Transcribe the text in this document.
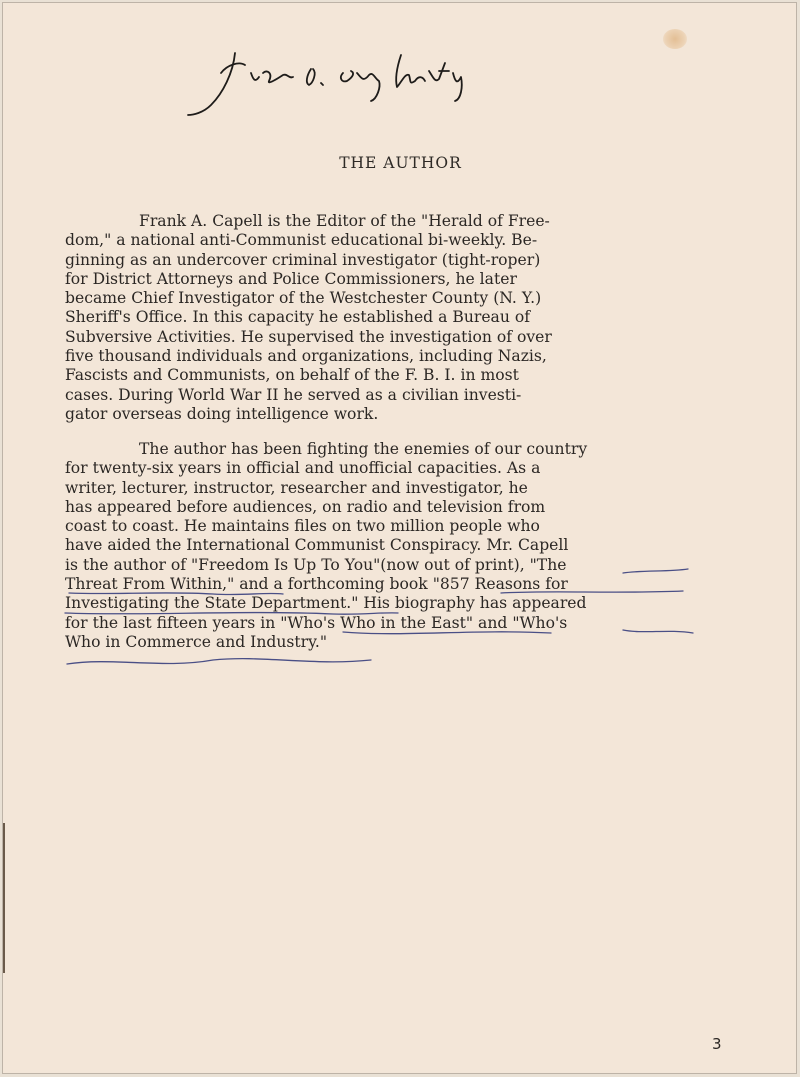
THE AUTHOR
Frank A. Capell is the Editor of the "Herald of Free-
dom," a national anti-Communist educational bi-weekly. Be-
ginning as an undercover criminal investigator (tight-roper)
for District Attorneys and Police Commissioners, he later
became Chief Investigator of the Westchester County (N. Y.)
Sheriff's Office. In this capacity he established a Bureau of
Subversive Activities. He supervised the investigation of over
five thousand individuals and organizations, including Nazis,
Fascists and Communists, on behalf of the F. B. I. in most
cases. During World War II he served as a civilian investi-
gator overseas doing intelligence work.
The author has been fighting the enemies of our country
for twenty-six years in official and unofficial capacities. As a
writer, lecturer, instructor, researcher and investigator, he
has appeared before audiences, on radio and television from
coast to coast. He maintains files on two million people who
have aided the International Communist Conspiracy. Mr. Capell
is the author of "Freedom Is Up To You"(now out of print), "The
Threat From Within," and a forthcoming book "857 Reasons for
Investigating the State Department." His biography has appeared
for the last fifteen years in "Who's Who in the East" and "Who's
Who in Commerce and Industry."
3
